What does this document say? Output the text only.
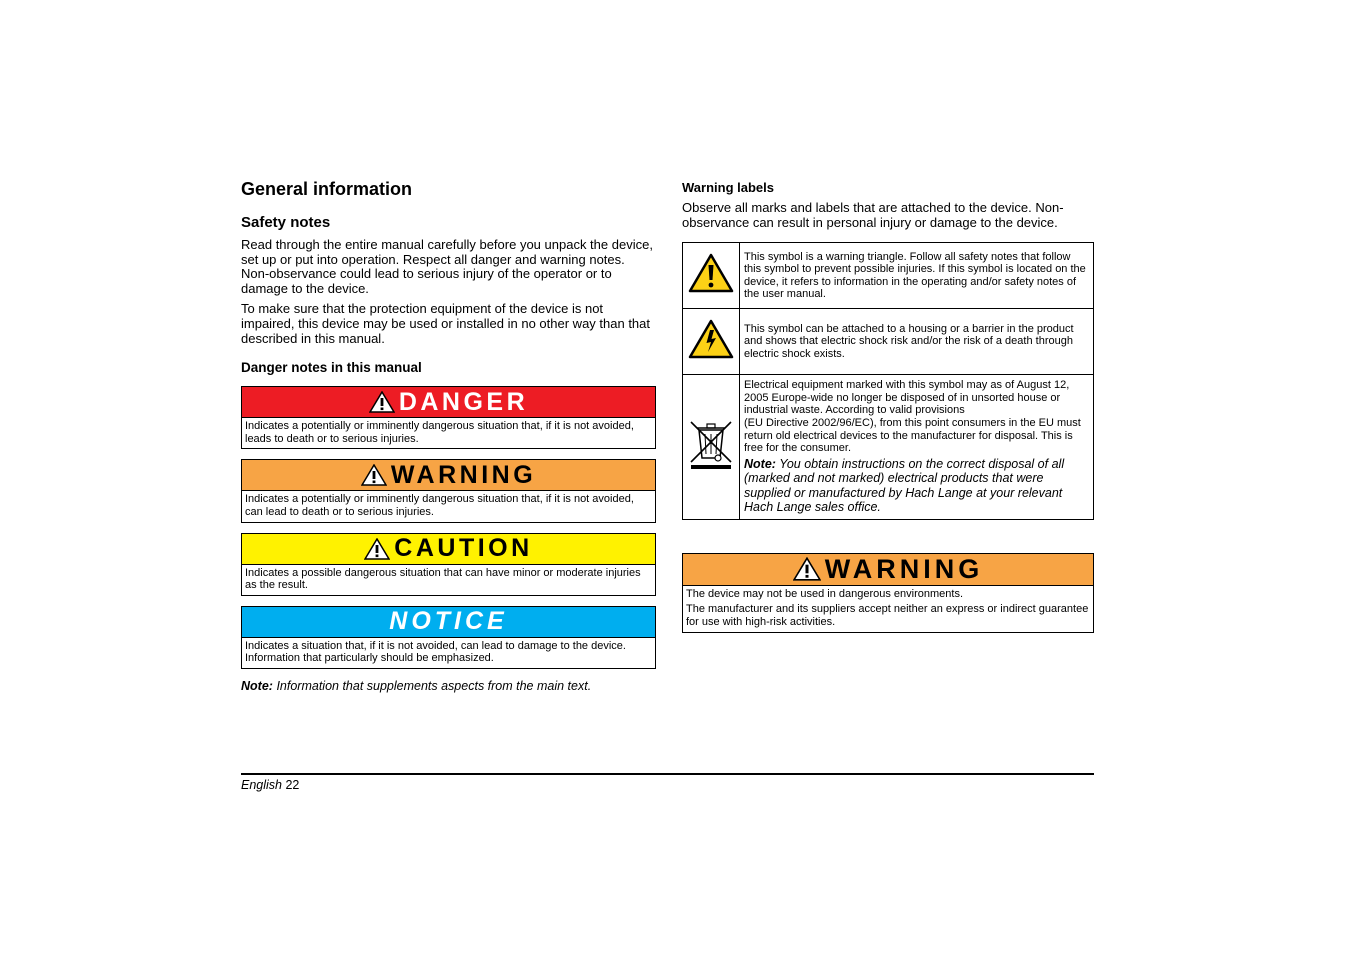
General information
Safety notes

Read through the entire manual carefully before you unpack the device, set up or put into operation. Respect all danger and warning notes. Non-observance could lead to serious injury of the operator or to damage to the device.

To make sure that the protection equipment of the device is not impaired, this device may be used or installed in no other way than that described in this manual.

Danger notes in this manual
DANGER
Indicates a potentially or imminently dangerous situation that, if it is not avoided, leads to death or to serious injuries.
WARNING
Indicates a potentially or imminently dangerous situation that, if it is not avoided, can lead to death or to serious injuries.
CAUTION
Indicates a possible dangerous situation that can have minor or moderate injuries as the result.
NOTICE
Indicates a situation that, if it is not avoided, can lead to damage to the device. Information that particularly should be emphasized.

Note: Information that supplements aspects from the main text.

Warning labels

Observe all marks and labels that are attached to the device. Non-observance can result in personal injury or damage to the device.

	This symbol is a warning triangle. Follow all safety notes that follow this symbol to prevent possible injuries. If this symbol is located on the device, it refers to information in the operating and/or safety notes of the user manual.
	This symbol can be attached to a housing or a barrier in the product and shows that electric shock risk and/or the risk of a death through electric shock exists.

Electrical equipment marked with this symbol may as of August 12, 2005 Europe-wide no longer be disposed of in unsorted house or industrial waste. According to valid provisions
(EU Directive 2002/96/EC), from this point consumers in the EU must return old electrical devices to the manufacturer for disposal. This is free for the consumer.
Note: You obtain instructions on the correct disposal of all (marked and not marked) electrical products that were supplied or manufactured by Hach Lange at your relevant Hach Lange sales office.
WARNING
The device may not be used in dangerous environments.
The manufacturer and its suppliers accept neither an express or indirect guarantee for use with high-risk activities.
English 22
